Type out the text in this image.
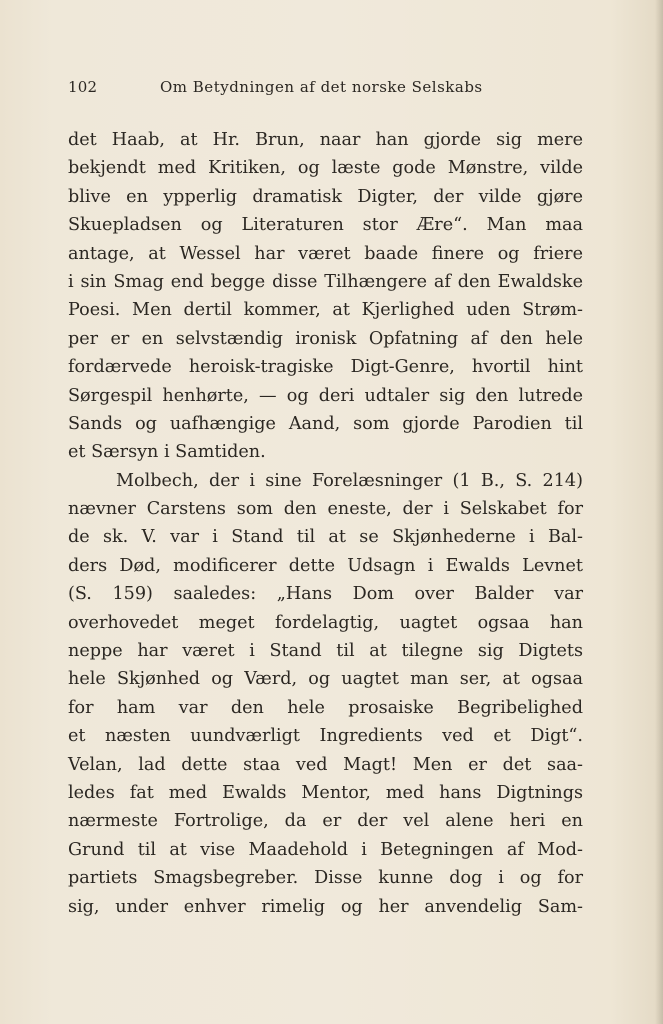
102	Om Betydningen af det norske Selskabs
det Haab, at Hr. Brun, naar han gjorde sig mere
bekjendt med Kritiken, og læste gode Mønstre, vilde
blive en ypperlig dramatisk Digter, der vilde gjøre
Skuepladsen og Literaturen stor Ære“. Man maa
antage, at Wessel har været baade finere og friere
i sin Smag end begge disse Tilhængere af den Ewaldske
Poesi. Men dertil kommer, at Kjerlighed uden Strøm-
per er en selvstændig ironisk Opfatning af den hele
fordærvede heroisk-tragiske Digt-Genre, hvortil hint
Sørgespil henhørte, — og deri udtaler sig den lutrede
Sands og uafhængige Aand, som gjorde Parodien til
et Særsyn i Samtiden.
Molbech, der i sine Forelæsninger (1 B., S. 214)
nævner Carstens som den eneste, der i Selskabet for
de sk. V. var i Stand til at se Skjønhederne i Bal-
ders Død, modificerer dette Udsagn i Ewalds Levnet
(S. 159) saaledes: „Hans Dom over Balder var
overhovedet meget fordelagtig, uagtet ogsaa han
neppe har været i Stand til at tilegne sig Digtets
hele Skjønhed og Værd, og uagtet man ser, at ogsaa
for ham var den hele prosaiske Begribelighed
et næsten uundværligt Ingredients ved et Digt“.
Velan, lad dette staa ved Magt! Men er det saa-
ledes fat med Ewalds Mentor, med hans Digtnings
nærmeste Fortrolige, da er der vel alene heri en
Grund til at vise Maadehold i Betegningen af Mod-
partiets Smagsbegreber. Disse kunne dog i og for
sig, under enhver rimelig og her anvendelig Sam-
